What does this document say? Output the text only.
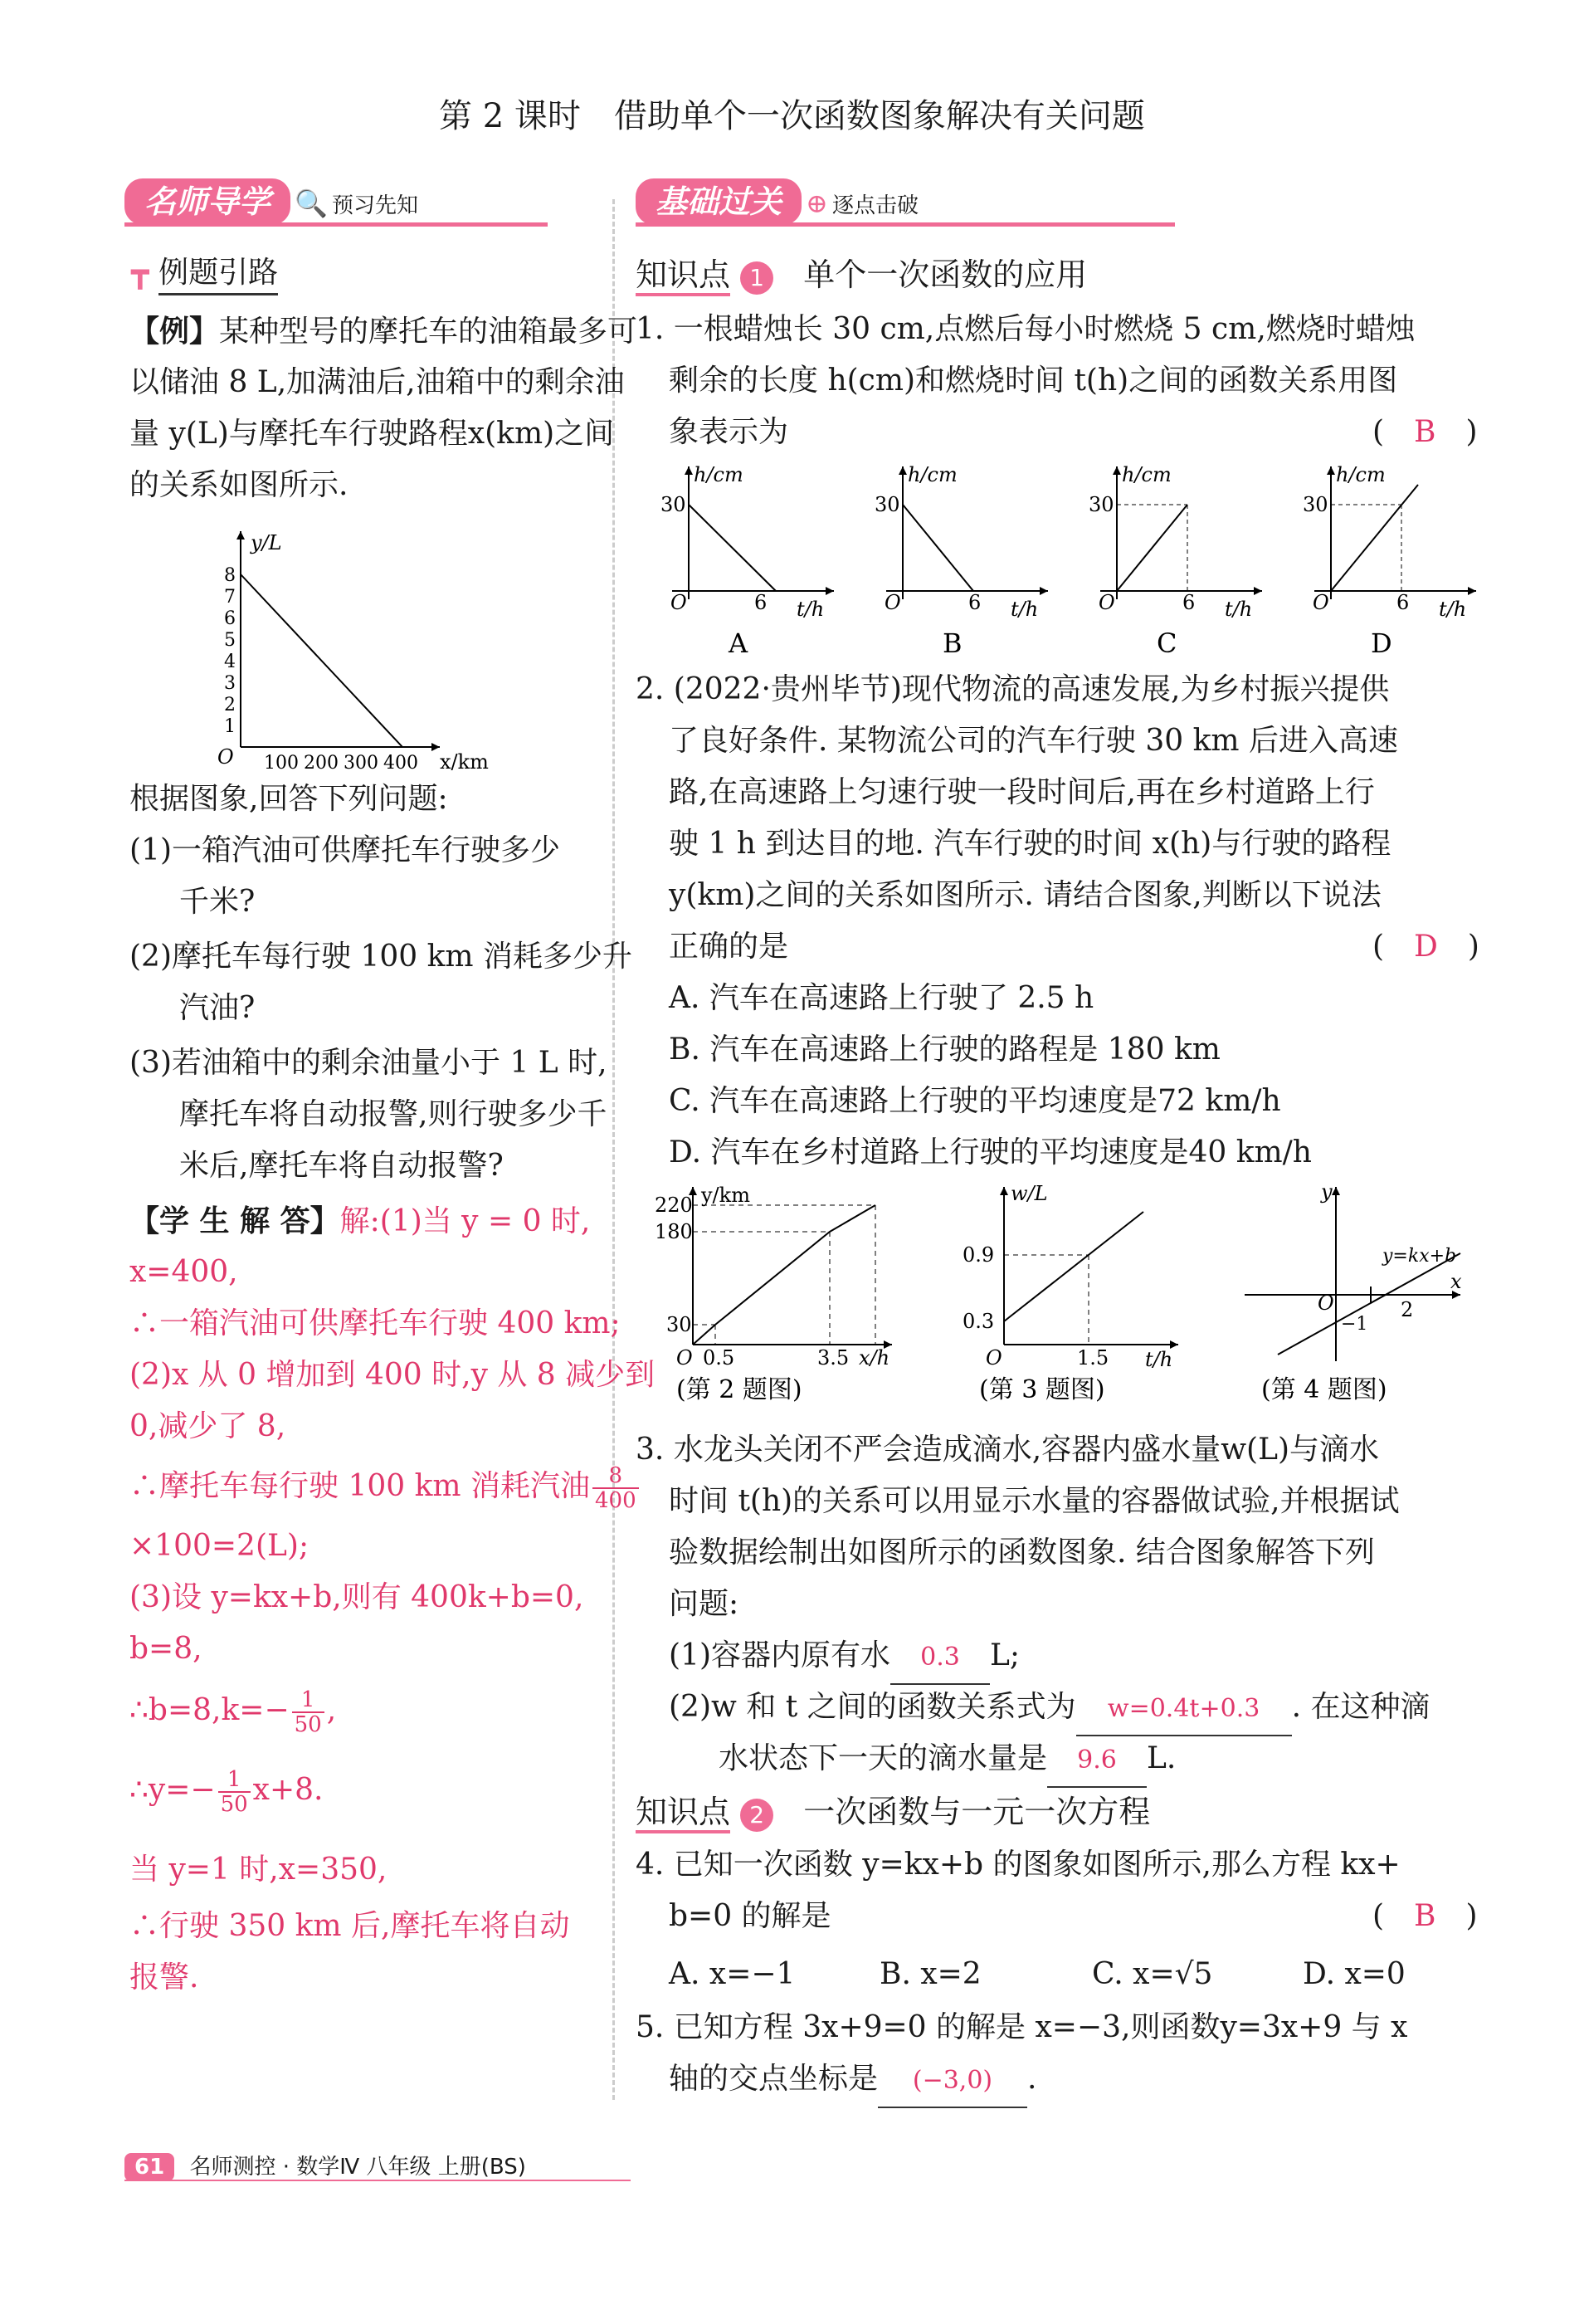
第 2 课时　借助单个一次函数图象解决有关问题
名师导学 🔍 预习先知
┳ 例题引路
【例】某种型号的摩托车的油箱最多可
以储油 8 L,加满油后,油箱中的剩余油
量 y(L)与摩托车行驶路程x(km)之间
的关系如图所示.
y/L
x/km
O
1
2
3
4
5
6
7
8
100 200 300 400
根据图象,回答下列问题:
(1)一箱汽油可供摩托车行驶多少
千米?
(2)摩托车每行驶 100 km 消耗多少升
汽油?
(3)若油箱中的剩余油量小于 1 L 时,
摩托车将自动报警,则行驶多少千
米后,摩托车将自动报警?
【学 生 解 答】解:(1)当 y = 0 时,
x=400,
∴一箱汽油可供摩托车行驶 400 km;
(2)x 从 0 增加到 400 时,y 从 8 减少到
0,减少了 8,
∴摩托车每行驶 100 km 消耗汽油 $\frac{8}{400}$
×100=2(L);
(3)设 y=kx+b,则有 400k+b=0,
b=8,
∴b=8,k=− $\frac{1}{50}$ ,
∴y=− $\frac{1}{50} x+8$.
当 y=1 时,x=350,
∴行驶 350 km 后,摩托车将自动
报警.
基础过关 ⊕ 逐点击破
知识点 1 单个一次函数的应用
1. 一根蜡烛长 30 cm,点燃后每小时燃烧 5 cm,燃烧时蜡烛
剩余的长度 h(cm)和燃烧时间 t(h)之间的函数关系用图
象表示为	(　B　)
h/cm
30
O	6 t/h
A
h/cm
30
O	6 t/h
B
h/cm
30
O	6 t/h
C
h/cm
30
O	6 t/h
D
2. (2022·贵州毕节)现代物流的高速发展,为乡村振兴提供
了良好条件. 某物流公司的汽车行驶 30 km 后进入高速
路,在高速路上匀速行驶一段时间后,再在乡村道路上行
驶 1 h 到达目的地. 汽车行驶的时间 x(h)与行驶的路程
y(km)之间的关系如图所示. 请结合图象,判断以下说法
正确的是	(　D　)
A. 汽车在高速路上行驶了 2.5 h
B. 汽车在高速路上行驶的路程是 180 km
C. 汽车在高速路上行驶的平均速度是72 km/h
D. 汽车在乡村道路上行驶的平均速度是40 km/h
y/km
220
180
30
O 0.5	3.5 x/h
(第 2 题图)
w/L
0.9
0.3
O	1.5 t/h
(第 3 题图)
y
y=kx+b
O	2
−1
x
(第 4 题图)
3. 水龙头关闭不严会造成滴水,容器内盛水量w(L)与滴水
时间 t(h)的关系可以用显示水量的容器做试验,并根据试
验数据绘制出如图所示的函数图象. 结合图象解答下列
问题:
(1)容器内原有水 0.3 L;
(2)w 和 t 之间的函数关系式为 w=0.4t+0.3 . 在这种滴
水状态下一天的滴水量是 9.6 L.
知识点 2 一次函数与一元一次方程
4. 已知一次函数 y=kx+b 的图象如图所示,那么方程 kx+
b=0 的解是	(　B　)
A. x=−1	B. x=2	C. x=√5	D. x=0
5. 已知方程 3x+9=0 的解是 x=−3,则函数y=3x+9 与 x
轴的交点坐标是 (−3,0) .
61 名师测控 · 数学Ⅳ 八年级 上册(BS)
